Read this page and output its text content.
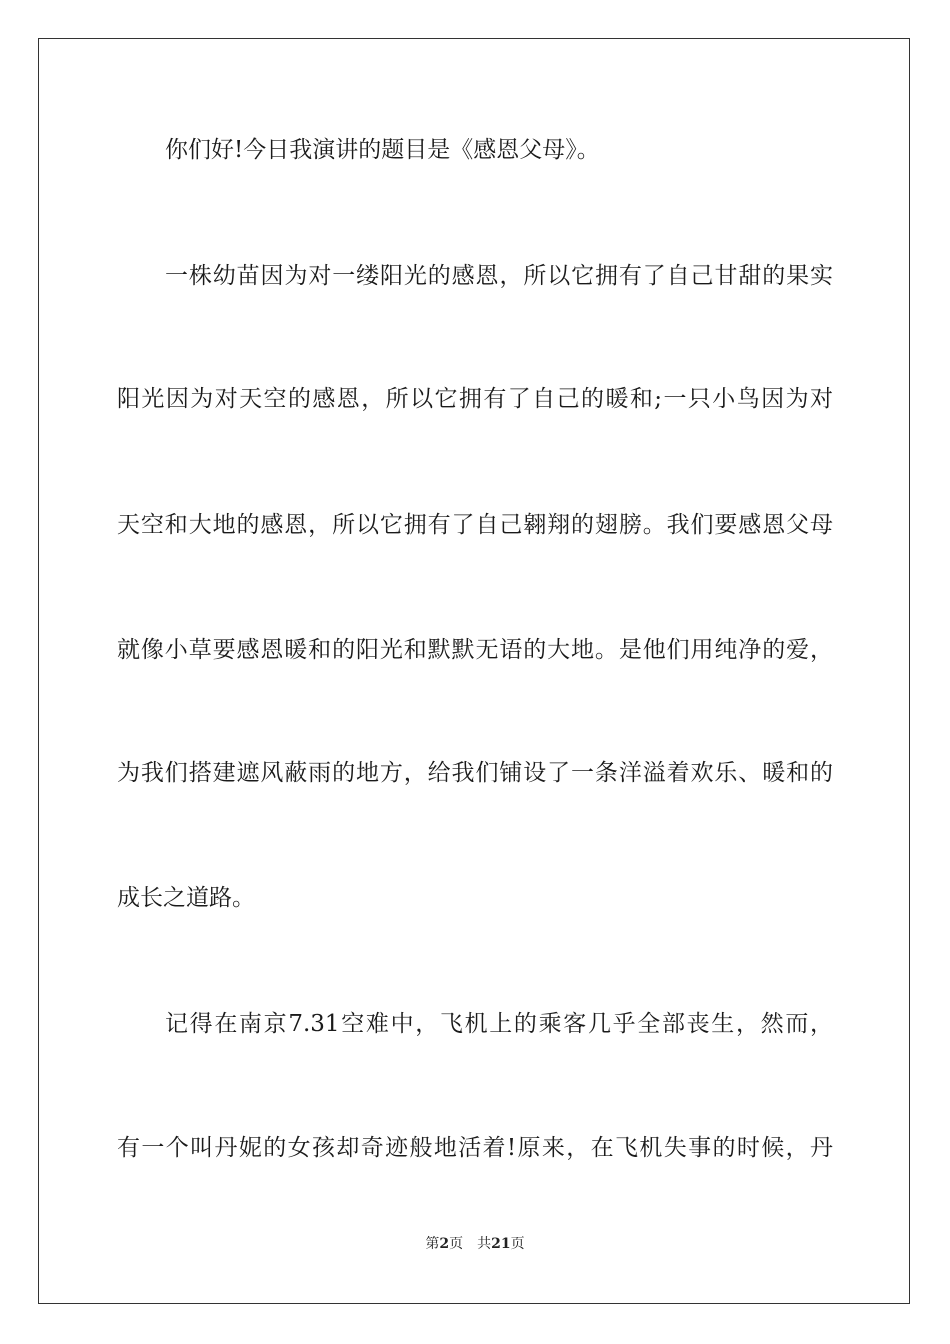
你们好!今日我演讲的题目是《感恩父母》。
一株幼苗因为对一缕阳光的感恩，所以它拥有了自己甘甜的果实
阳光因为对天空的感恩，所以它拥有了自己的暖和;一只小鸟因为对
天空和大地的感恩，所以它拥有了自己翱翔的翅膀。我们要感恩父母
就像小草要感恩暖和的阳光和默默无语的大地。是他们用纯净的爱，
为我们搭建遮风蔽雨的地方，给我们铺设了一条洋溢着欢乐、暖和的
成长之道路。
记得在南京7.31空难中，飞机上的乘客几乎全部丧生，然而，
有一个叫丹妮的女孩却奇迹般地活着!原来，在飞机失事的时候，丹
第2页 共21页
